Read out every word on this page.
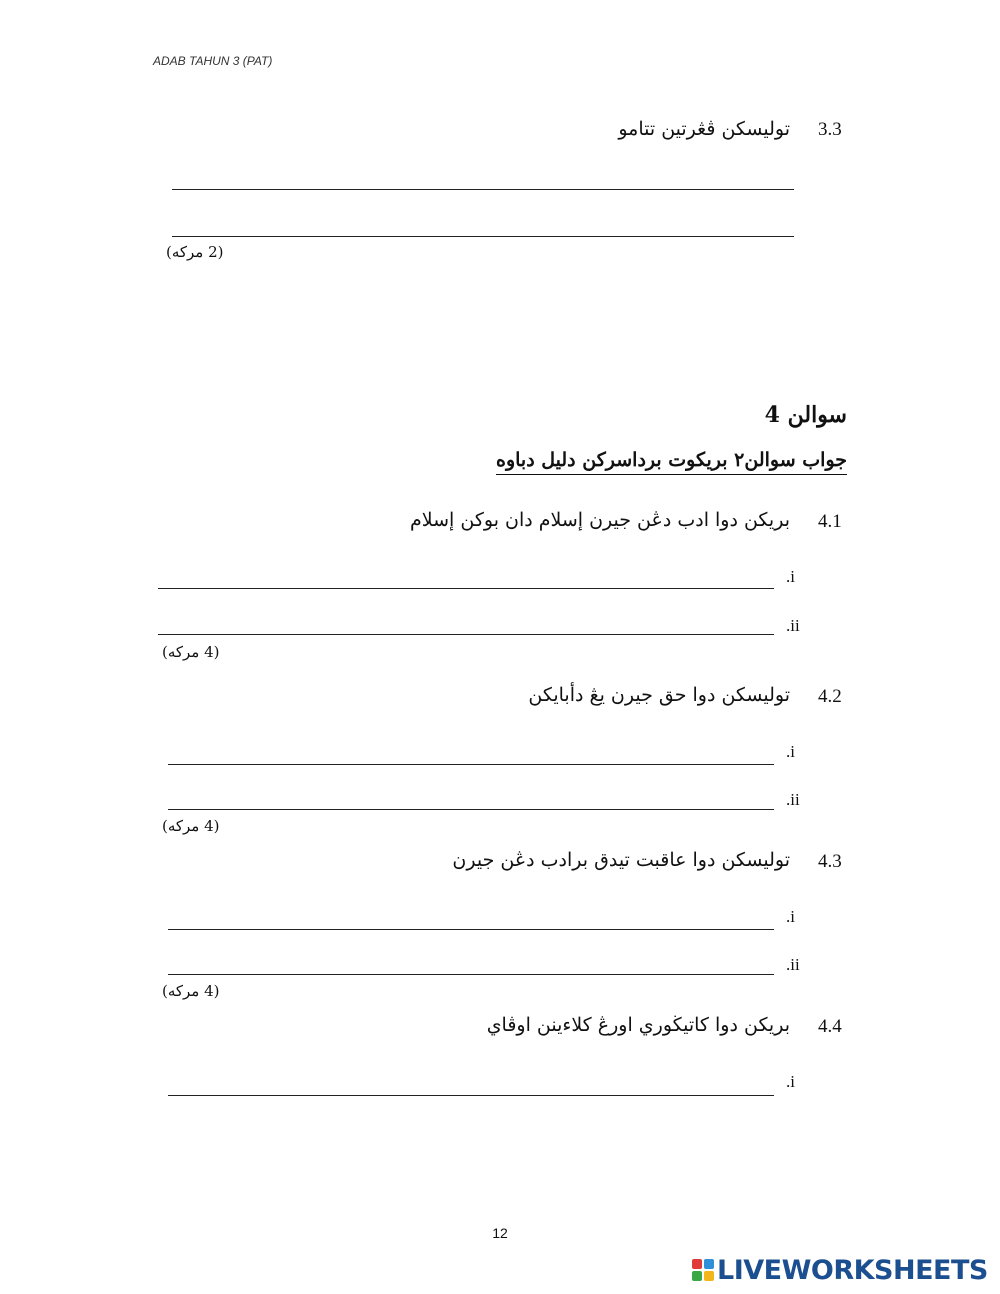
ADAB TAHUN 3 (PAT)
3.3
توليسكن ڤڠرتين تتامو
(2 مركه)
سوالن 4
جواب سوالن٢ بريكوت برداسركن دليل دباوه
4.1
بريكن دوا ادب دڠن جيرن إسلام دان بوكن إسلام
.i
.ii
(4 مركه)
4.2
توليسكن دوا حق جيرن يڠ دأبايكن
.i
.ii
(4 مركه)
4.3
توليسكن دوا عاقبت تيدق برادب دڠن جيرن
.i
.ii
(4 مركه)
4.4
بريكن دوا كاتيڬوري اورڠ كلاءينن اوڤاي
.i
12
LIVEWORKSHEETS
